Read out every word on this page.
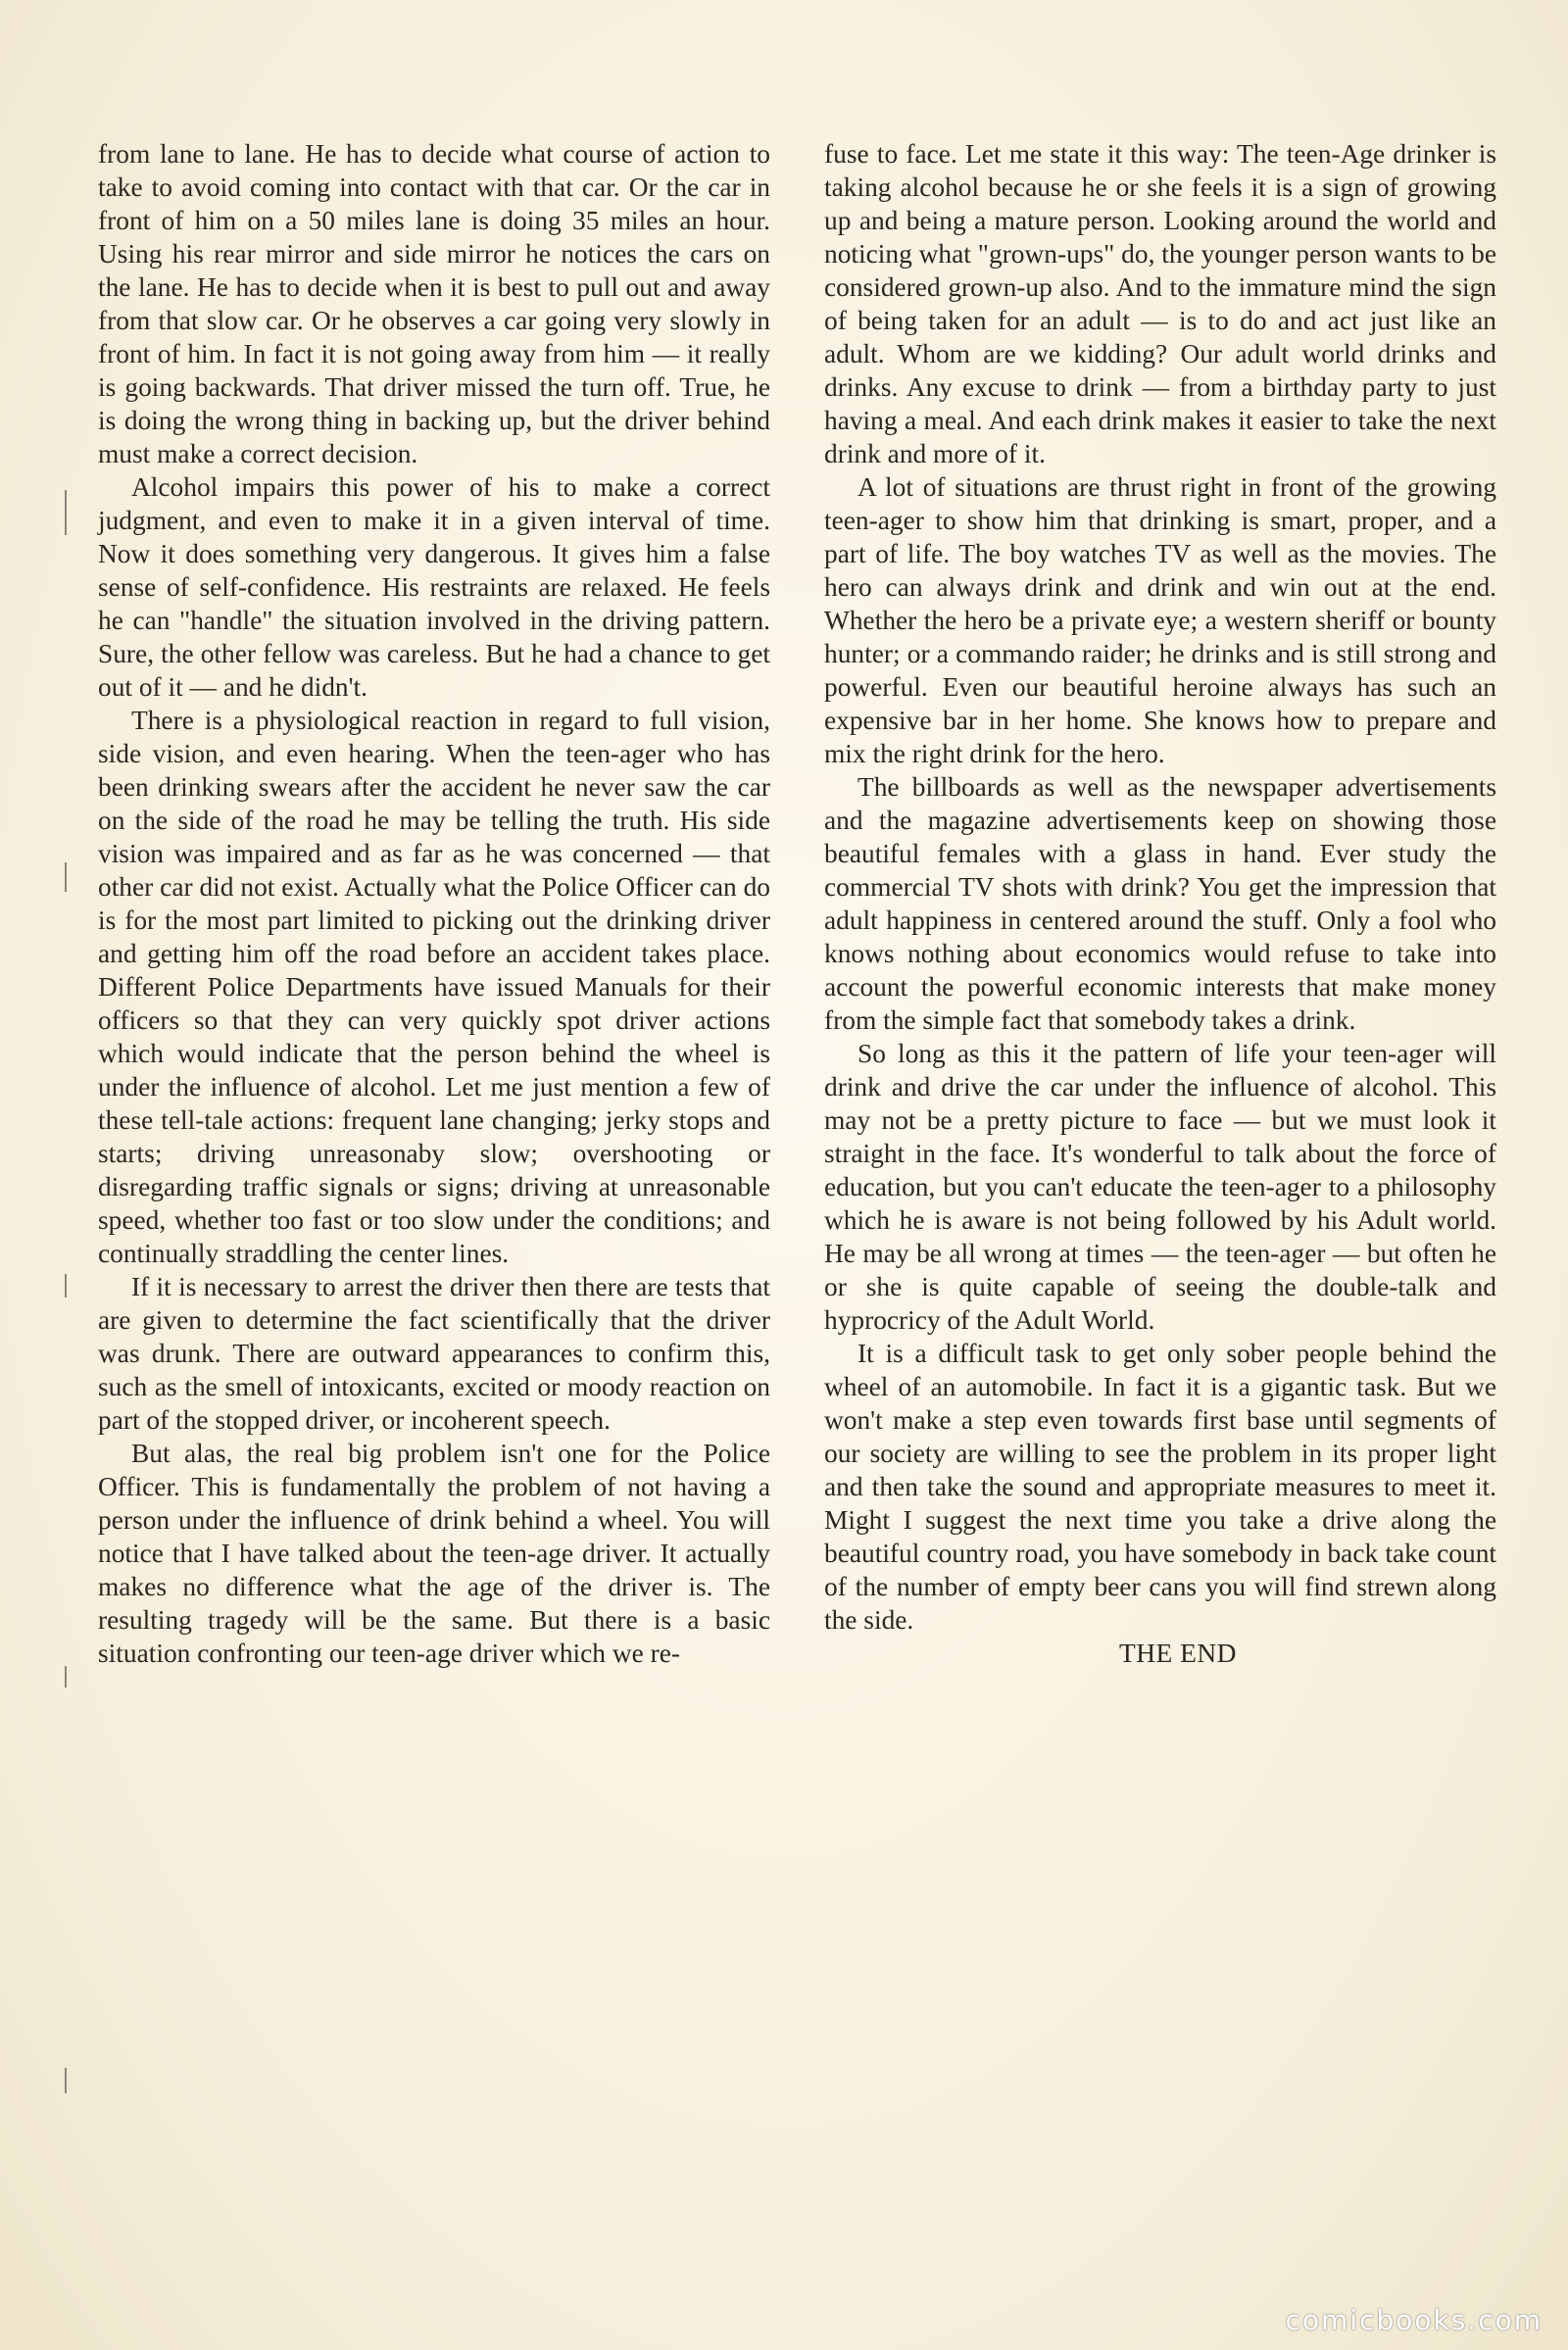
from lane to lane. He has to decide what course of action to take to avoid coming into contact with that car. Or the car in front of him on a 50 miles lane is doing 35 miles an hour. Using his rear mirror and side mirror he notices the cars on the lane. He has to decide when it is best to pull out and away from that slow car. Or he observes a car going very slowly in front of him. In fact it is not going away from him — it really is going backwards. That driver missed the turn off. True, he is doing the wrong thing in backing up, but the driver behind must make a correct decision.

Alcohol impairs this power of his to make a correct judgment, and even to make it in a given interval of time. Now it does something very dangerous. It gives him a false sense of self-confidence. His restraints are relaxed. He feels he can "handle" the situation involved in the driving pattern. Sure, the other fellow was careless. But he had a chance to get out of it — and he didn't.

There is a physiological reaction in regard to full vision, side vision, and even hearing. When the teen-ager who has been drinking swears after the accident he never saw the car on the side of the road he may be telling the truth. His side vision was impaired and as far as he was concerned — that other car did not exist. Actually what the Police Officer can do is for the most part limited to picking out the drinking driver and getting him off the road before an accident takes place. Different Police Departments have issued Manuals for their officers so that they can very quickly spot driver actions which would indicate that the person behind the wheel is under the influence of alcohol. Let me just mention a few of these tell-tale actions: frequent lane changing; jerky stops and starts; driving unreasonaby slow; overshooting or disregarding traffic signals or signs; driving at unreasonable speed, whether too fast or too slow under the conditions; and continually straddling the center lines.

If it is necessary to arrest the driver then there are tests that are given to determine the fact scientifically that the driver was drunk. There are outward appearances to confirm this, such as the smell of intoxicants, excited or moody reaction on part of the stopped driver, or incoherent speech.

But alas, the real big problem isn't one for the Police Officer. This is fundamentally the problem of not having a person under the influence of drink behind a wheel. You will notice that I have talked about the teen-age driver. It actually makes no difference what the age of the driver is. The resulting tragedy will be the same. But there is a basic situation confronting our teen-age driver which we re-

fuse to face. Let me state it this way: The teen-Age drinker is taking alcohol because he or she feels it is a sign of growing up and being a mature person. Looking around the world and noticing what "grown-ups" do, the younger person wants to be considered grown-up also. And to the immature mind the sign of being taken for an adult — is to do and act just like an adult. Whom are we kidding? Our adult world drinks and drinks. Any excuse to drink — from a birthday party to just having a meal. And each drink makes it easier to take the next drink and more of it.

A lot of situations are thrust right in front of the growing teen-ager to show him that drinking is smart, proper, and a part of life. The boy watches TV as well as the movies. The hero can always drink and drink and win out at the end. Whether the hero be a private eye; a western sheriff or bounty hunter; or a commando raider; he drinks and is still strong and powerful. Even our beautiful heroine always has such an expensive bar in her home. She knows how to prepare and mix the right drink for the hero.

The billboards as well as the newspaper advertisements and the magazine advertisements keep on showing those beautiful females with a glass in hand. Ever study the commercial TV shots with drink? You get the impression that adult happiness in centered around the stuff. Only a fool who knows nothing about economics would refuse to take into account the powerful economic interests that make money from the simple fact that somebody takes a drink.

So long as this it the pattern of life your teen-ager will drink and drive the car under the influence of alcohol. This may not be a pretty picture to face — but we must look it straight in the face. It's wonderful to talk about the force of education, but you can't educate the teen-ager to a philosophy which he is aware is not being followed by his Adult world. He may be all wrong at times — the teen-ager — but often he or she is quite capable of seeing the double-talk and hyprocricy of the Adult World.

It is a difficult task to get only sober people behind the wheel of an automobile. In fact it is a gigantic task. But we won't make a step even towards first base until segments of our society are willing to see the problem in its proper light and then take the sound and appropriate measures to meet it. Might I suggest the next time you take a drive along the beautiful country road, you have somebody in back take count of the number of empty beer cans you will find strewn along the side.

THE END
comicbooks.com
